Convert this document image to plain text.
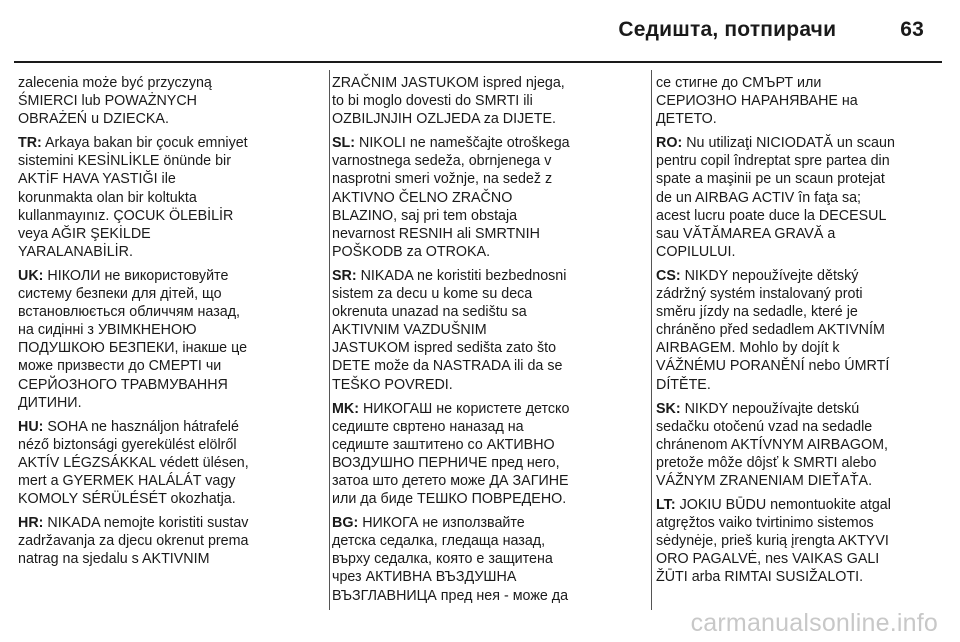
Седишта, потпирачи	63

zalecenia może być przyczyną
ŚMIERCI lub POWAŻNYCH
OBRAŻEŃ u DZIECKA.

TR: Arkaya bakan bir çocuk emniyet
sistemini KESİNLİKLE önünde bir
AKTİF HAVA YASTIĞI ile
korunmakta olan bir koltukta
kullanmayınız. ÇOCUK ÖLEBİLİR
veya AĞIR ŞEKİLDE
YARALANABİLİR.

UK: НІКОЛИ не використовуйте
систему безпеки для дітей, що
встановлюється обличчям назад,
на сидінні з УВІМКНЕНОЮ
ПОДУШКОЮ БЕЗПЕКИ, інакше це
може призвести до СМЕРТІ чи
СЕРЙОЗНОГО ТРАВМУВАННЯ
ДИТИНИ.

HU: SOHA ne használjon hátrafelé
néző biztonsági gyerekülést elölről
AKTÍV LÉGZSÁKKAL védett ülésen,
mert a GYERMEK HALÁLÁT vagy
KOMOLY SÉRÜLÉSÉT okozhatja.

HR: NIKADA nemojte koristiti sustav
zadržavanja za djecu okrenut prema
natrag na sjedalu s AKTIVNIM

ZRAČNIM JASTUKOM ispred njega,
to bi moglo dovesti do SMRTI ili
OZBILJNJIH OZLJEDA za DIJETE.

SL: NIKOLI ne nameščajte otroškega
varnostnega sedeža, obrnjenega v
nasprotni smeri vožnje, na sedež z
AKTIVNO ČELNO ZRAČNO
BLAZINO, saj pri tem obstaja
nevarnost RESNIH ali SMRTNIH
POŠKODB za OTROKA.

SR: NIKADA ne koristiti bezbednosni
sistem za decu u kome su deca
okrenuta unazad na sedištu sa
AKTIVNIM VAZDUŠNIM
JASTUKOM ispred sedišta zato što
DETE može da NASTRADA ili da se
TEŠKO POVREDI.

MK: НИКОГАШ не користете детско
седиште свртено наназад на
седиште заштитено со АКТИВНО
ВОЗДУШНО ПЕРНИЧЕ пред него,
затоа што детето може ДА ЗАГИНЕ
или да биде ТЕШКО ПОВРЕДЕНО.

BG: НИКОГА не използвайте
детска седалка, гледаща назад,
върху седалка, която е защитена
чрез АКТИВНА ВЪЗДУШНА
ВЪЗГЛАВНИЦА пред нея - може да

се стигне до СМЪРТ или
СЕРИОЗНО НАРАНЯВАНЕ на
ДЕТЕТО.

RO: Nu utilizaţi NICIODATĂ un scaun
pentru copil îndreptat spre partea din
spate a maşinii pe un scaun protejat
de un AIRBAG ACTIV în faţa sa;
acest lucru poate duce la DECESUL
sau VĂTĂMAREA GRAVĂ a
COPILULUI.

CS: NIKDY nepoužívejte dětský
zádržný systém instalovaný proti
směru jízdy na sedadle, které je
chráněno před sedadlem AKTIVNÍM
AIRBAGEM. Mohlo by dojít k
VÁŽNÉMU PORANĚNÍ nebo ÚMRTÍ
DÍTĚTE.

SK: NIKDY nepoužívajte detskú
sedačku otočenú vzad na sedadle
chránenom AKTÍVNYM AIRBAGOM,
pretože môže dôjsť k SMRTI alebo
VÁŽNYM ZRANENIAM DIEŤAŤA.

LT: JOKIU BŪDU nemontuokite atgal
atgręžtos vaiko tvirtinimo sistemos
sėdynėje, prieš kurią įrengta AKTYVI
ORO PAGALVĖ, nes VAIKAS GALI
ŽŪTI arba RIMTAI SUSIŽALOTI.

carmanualsonline.info
